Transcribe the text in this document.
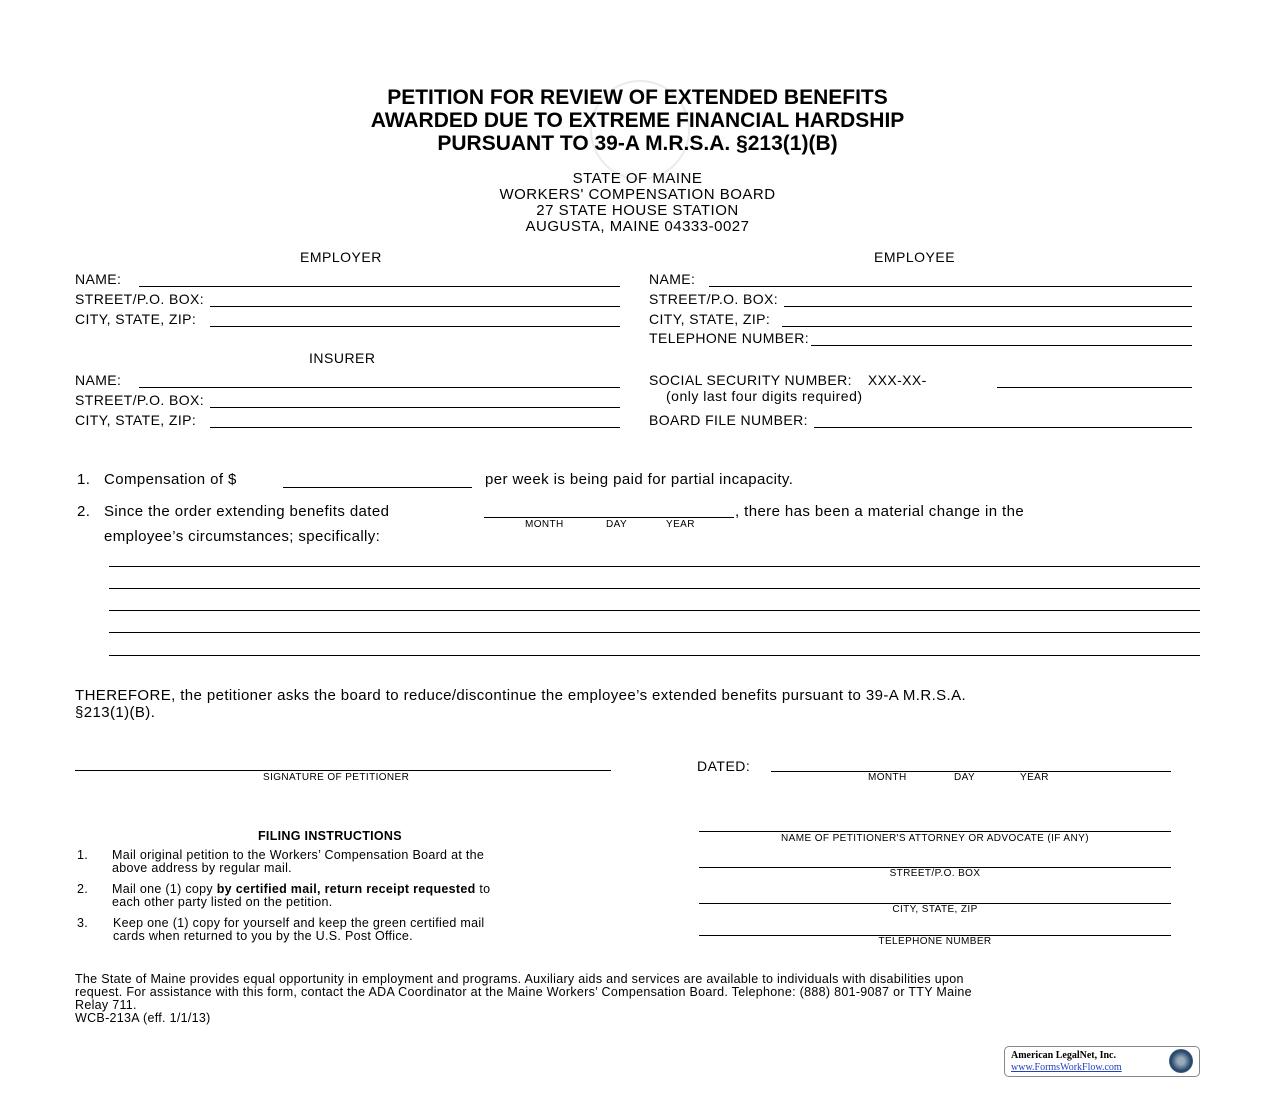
PETITION FOR REVIEW OF EXTENDED BENEFITS
AWARDED DUE TO EXTREME FINANCIAL HARDSHIP
PURSUANT TO 39-A M.R.S.A. §213(1)(B)
STATE OF MAINE
WORKERS' COMPENSATION BOARD
27 STATE HOUSE STATION
AUGUSTA, MAINE 04333-0027
EMPLOYER
NAME:
STREET/P.O. BOX:
CITY, STATE, ZIP:
INSURER
NAME:
STREET/P.O. BOX:
CITY, STATE, ZIP:
EMPLOYEE
NAME:
STREET/P.O. BOX:
CITY, STATE, ZIP:
TELEPHONE NUMBER:
SOCIAL SECURITY NUMBER: XXX-XX-
(only last four digits required)
BOARD FILE NUMBER:
1. Compensation of $	per week is being paid for partial incapacity.
2. Since the order extending benefits dated
MONTH	DAY	YEAR
, there has been a material change in the
employee’s circumstances; specifically:
THEREFORE, the petitioner asks the board to reduce/discontinue the employee’s extended benefits pursuant to 39-A M.R.S.A.
§213(1)(B).
SIGNATURE OF PETITIONER
DATED:
MONTH	DAY	YEAR
FILING INSTRUCTIONS
1. Mail original petition to the Workers’ Compensation Board at the
above address by regular mail.
2. Mail one (1) copy by certified mail, return receipt requested to
each other party listed on the petition.
3. Keep one (1) copy for yourself and keep the green certified mail
cards when returned to you by the U.S. Post Office.
NAME OF PETITIONER'S ATTORNEY OR ADVOCATE (IF ANY)
STREET/P.O. BOX
CITY, STATE, ZIP
TELEPHONE NUMBER
The State of Maine provides equal opportunity in employment and programs. Auxiliary aids and services are available to individuals with disabilities upon
request. For assistance with this form, contact the ADA Coordinator at the Maine Workers’ Compensation Board. Telephone: (888) 801-9087 or TTY Maine
Relay 711.
WCB-213A (eff. 1/1/13)
American LegalNet, Inc.
www.FormsWorkFlow.com
